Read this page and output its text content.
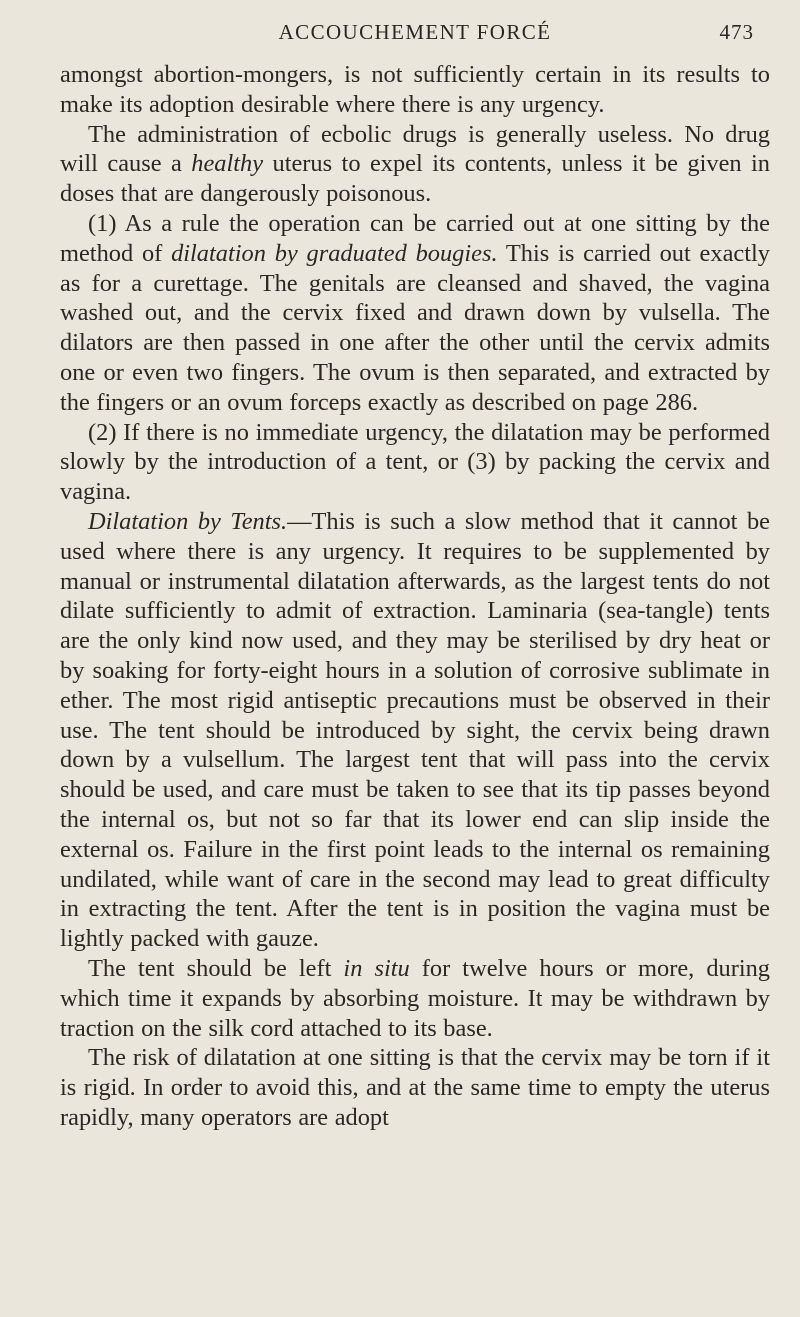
ACCOUCHEMENT FORCÉ	473

amongst abortion-mongers, is not sufficiently certain in its results to make its adoption desirable where there is any urgency.

The administration of ecbolic drugs is generally useless. No drug will cause a healthy uterus to expel its contents, unless it be given in doses that are dangerously poisonous.

(1) As a rule the operation can be carried out at one sitting by the method of dilatation by graduated bougies. This is carried out exactly as for a curettage. The genitals are cleansed and shaved, the vagina washed out, and the cervix fixed and drawn down by vulsella. The dilators are then passed in one after the other until the cervix admits one or even two fingers. The ovum is then separated, and extracted by the fingers or an ovum forceps exactly as described on page 286.

(2) If there is no immediate urgency, the dilatation may be performed slowly by the introduction of a tent, or (3) by packing the cervix and vagina.

Dilatation by Tents.—This is such a slow method that it cannot be used where there is any urgency. It requires to be supplemented by manual or instrumental dilatation afterwards, as the largest tents do not dilate sufficiently to admit of extraction. Laminaria (sea-tangle) tents are the only kind now used, and they may be sterilised by dry heat or by soaking for forty-eight hours in a solution of corrosive sublimate in ether. The most rigid antiseptic precautions must be observed in their use. The tent should be introduced by sight, the cervix being drawn down by a vulsellum. The largest tent that will pass into the cervix should be used, and care must be taken to see that its tip passes beyond the internal os, but not so far that its lower end can slip inside the external os. Failure in the first point leads to the internal os remaining undilated, while want of care in the second may lead to great difficulty in extracting the tent. After the tent is in position the vagina must be lightly packed with gauze.

The tent should be left in situ for twelve hours or more, during which time it expands by absorbing moisture. It may be withdrawn by traction on the silk cord attached to its base.

The risk of dilatation at one sitting is that the cervix may be torn if it is rigid. In order to avoid this, and at the same time to empty the uterus rapidly, many operators are adopt
